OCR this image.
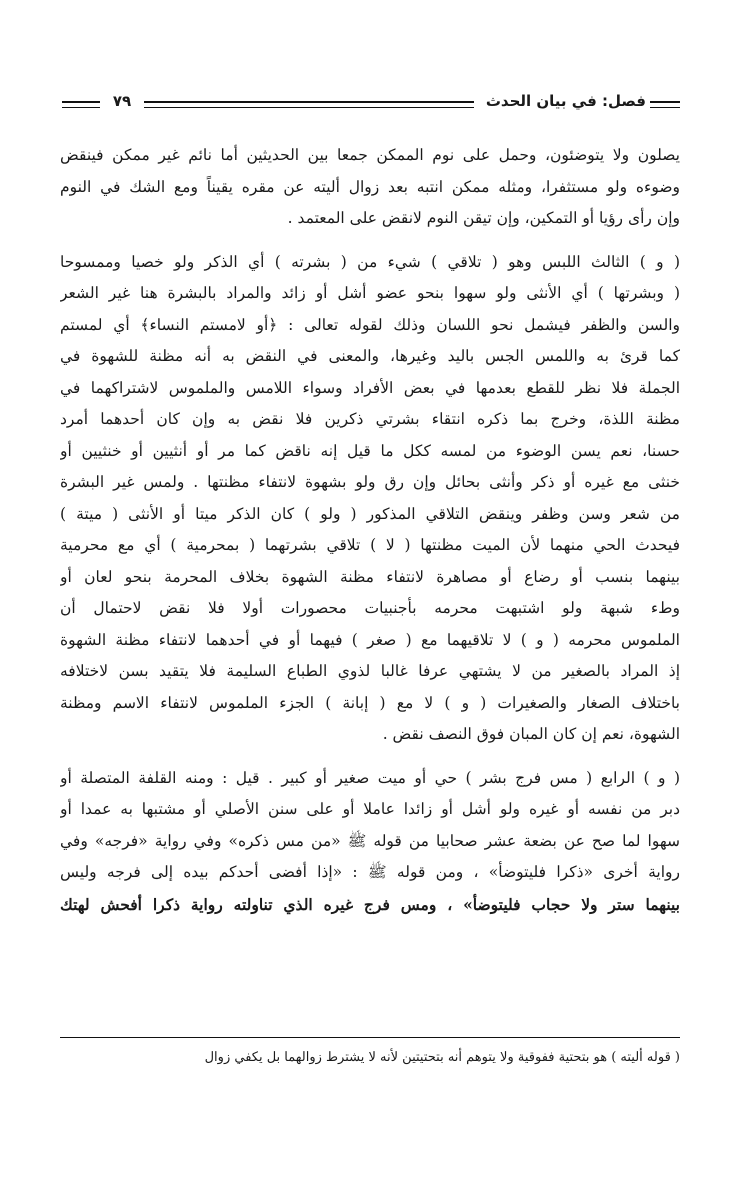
٧٩	فصل: في بيان الحدث

يصلون ولا يتوضئون، وحمل على نوم الممكن جمعا بين الحديثين أما نائم غير ممكن فينقض
وضوءه ولو مستثفرا، ومثله ممكن انتبه بعد زوال أليته عن مقره يقيناً ومع الشك في النوم
وإن رأى رؤيا أو التمكين، وإن تيقن النوم لانقض على المعتمد .

( و ) الثالث اللبس وهو ( تلاقي ) شيء من ( بشرته ) أي الذكر ولو خصيا وممسوحا
( وبشرتها ) أي الأنثى ولو سهوا بنحو عضو أشل أو زائد والمراد بالبشرة هنا غير الشعر
والسن والظفر فيشمل نحو اللسان وذلك لقوله تعالى : ﴿أو لامستم النساء﴾ أي لمستم
كما قرئ به واللمس الجس باليد وغيرها، والمعنى في النقض به أنه مظنة للشهوة في
الجملة فلا نظر للقطع بعدمها في بعض الأفراد وسواء اللامس والملموس لاشتراكهما في
مظنة اللذة، وخرج بما ذكره انتقاء بشرتي ذكرين فلا نقض به وإن كان أحدهما أمرد
حسنا، نعم يسن الوضوء من لمسه ككل ما قيل إنه ناقض كما مر أو أنثيين أو خنثيين أو
خنثى مع غيره أو ذكر وأنثى بحائل وإن رق ولو بشهوة لانتفاء مظنتها . ولمس غير البشرة
من شعر وسن وظفر وينقض التلاقي المذكور ( ولو ) كان الذكر ميتا أو الأنثى ( ميتة )
فيحدث الحي منهما لأن الميت مظنتها ( لا ) تلاقي بشرتهما ( بمحرمية ) أي مع محرمية
بينهما بنسب أو رضاع أو مصاهرة لانتفاء مظنة الشهوة بخلاف المحرمة بنحو لعان أو
وطء شبهة ولو اشتبهت محرمه بأجنبيات محصورات أولا فلا نقض لاحتمال أن
الملموس محرمه ( و ) لا تلاقيهما مع ( صغر ) فيهما أو في أحدهما لانتفاء مظنة الشهوة
إذ المراد بالصغير من لا يشتهي عرفا غالبا لذوي الطباع السليمة فلا يتقيد بسن لاختلافه
باختلاف الصغار والصغيرات ( و ) لا مع ( إبانة ) الجزء الملموس لانتفاء الاسم ومظنة
الشهوة، نعم إن كان المبان فوق النصف نقض .

( و ) الرابع ( مس فرج بشر ) حي أو ميت صغير أو كبير . قيل : ومنه القلفة المتصلة أو
دبر من نفسه أو غيره ولو أشل أو زائدا عاملا أو على سنن الأصلي أو مشتبها به عمدا أو
سهوا لما صح عن بضعة عشر صحابيا من قوله ﷺ «من مس ذكره» وفي رواية «فرجه» وفي
رواية أخرى «ذكرا فليتوضأ» ، ومن قوله ﷺ : «إذا أفضى أحدكم بيده إلى فرجه وليس
بينهما ستر ولا حجاب فليتوضأ» ، ومس فرج غيره الذي تناولته رواية ذكرا أفحش لهتك

( قوله أليته ) هو بتحتية ففوقية ولا يتوهم أنه بتحتيتين لأنه لا يشترط زوالهما بل يكفي زوال
